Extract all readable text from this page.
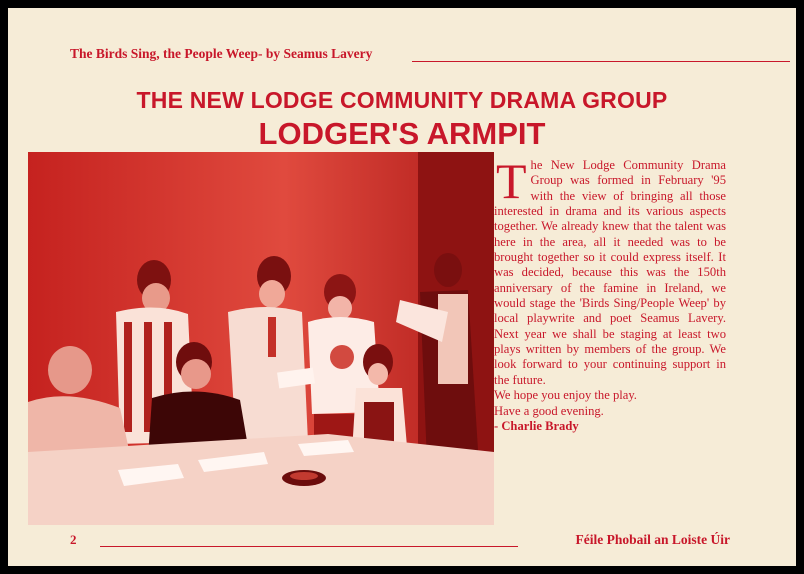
The Birds Sing, the People Weep- by Seamus Lavery
THE NEW LODGE COMMUNITY DRAMA GROUP
LODGER'S ARMPIT
The New Lodge Community Drama Group was formed in February '95 with the view of bringing all those interested in drama and its various aspects together. We already knew that the talent was here in the area, all it needed was to be brought together so it could express itself. It was decided, because this was the 150th anniversary of the famine in Ireland, we would stage the 'Birds Sing/People Weep' by local playwrite and poet Seamus Lavery. Next year we shall be staging at least two plays written by members of the group. We look forward to your continuing support in the future.
We hope you enjoy the play.
Have a good evening.
- Charlie Brady
2	Féile Phobail an Loiste Úir
